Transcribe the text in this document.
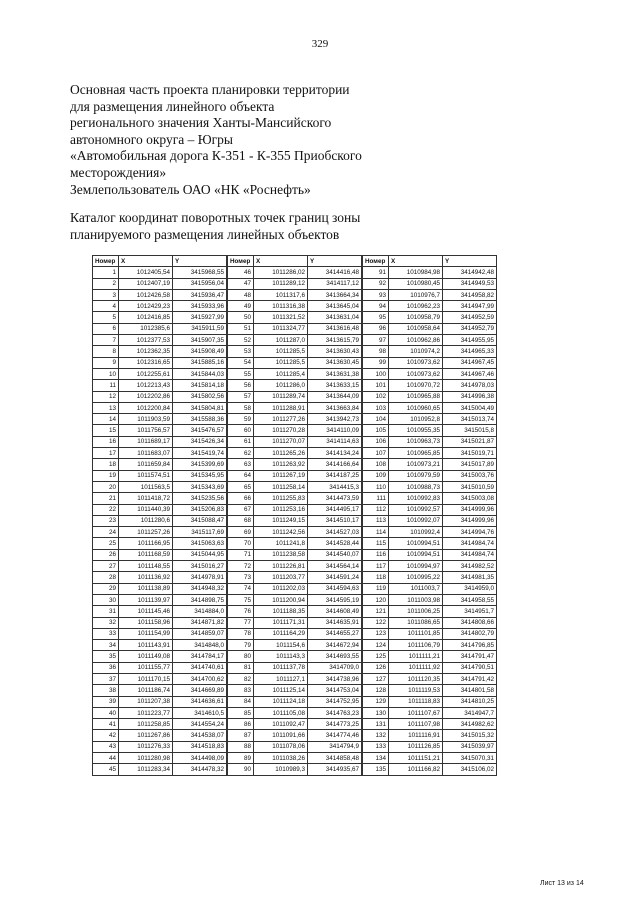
329
Основная часть проекта планировки территории
для размещения линейного объекта
регионального значения Ханты-Мансийского
автономного округа – Югры
«Автомобильная дорога К-351 - К-355 Приобского
месторождения»
Землепользователь ОАО «НК «Роснефть»
Каталог координат поворотных точек границ зоны
планируемого размещения линейных объектов
Номер	X	Y
1	1012405,54	3415968,55
2	1012407,19	3415956,04
3	1012426,58	3415936,47
4	1012429,23	3415933,96
5	1012416,85	3415927,99
6	1012385,6	3415911,59
7	1012377,53	3415907,35
8	1012362,35	3415908,49
9	1012316,65	3415885,16
10	1012255,61	3415844,03
11	1012213,43	3415814,18
12	1012202,86	3415802,56
13	1012200,84	3415804,81
14	1011903,59	3415588,36
15	1011756,57	3415476,57
16	1011689,17	3415426,34
17	1011683,07	3415419,74
18	1011659,84	3415399,69
19	1011574,51	3415345,95
20	1011563,5	3415343,69
21	1011418,72	3415235,56
22	1011440,39	3415206,83
23	1011280,6	3415088,47
24	1011257,26	3415117,69
25	1011166,95	3415063,63
26	1011168,59	3415044,95
27	1011148,55	3415016,27
28	1011136,92	3414978,91
29	1011138,89	3414948,32
30	1011139,97	3414898,75
31	1011145,46	3414884,0
32	1011158,96	3414871,82
33	1011154,99	3414859,07
34	1011143,91	3414848,0
35	1011149,08	3414784,17
36	1011155,77	3414740,61
37	1011170,15	3414700,62
38	1011186,74	3414669,89
39	1011207,38	3414636,61
40	1011223,77	3414610,5
41	1011258,85	3414554,24
42	1011267,86	3414538,07
43	1011276,33	3414518,83
44	1011280,98	3414498,09
45	1011283,34	3414478,32
Номер	X	Y
46	1011286,02	3414416,48
47	1011289,12	3414117,12
48	1011317,6	3413664,34
49	1011316,38	3413645,04
50	1011321,52	3413631,04
51	1011324,77	3413616,48
52	1011287,0	3413615,79
53	1011285,5	3413630,43
54	1011285,5	3413630,45
55	1011285,4	3413631,38
56	1011286,0	3413633,15
57	1011289,74	3413644,09
58	1011288,91	3413663,84
59	1011277,26	3413942,73
60	1011270,28	3414110,09
61	1011270,07	3414114,63
62	1011265,26	3414134,24
63	1011263,92	3414166,64
64	1011267,19	3414187,25
65	1011258,14	3414415,3
66	1011255,83	3414473,59
67	1011253,16	3414495,17
68	1011249,15	3414510,17
69	1011242,56	3414527,03
70	1011241,8	3414528,44
71	1011238,58	3414540,07
72	1011226,81	3414564,14
73	1011203,77	3414591,24
74	1011202,03	3414594,63
75	1011200,94	3414595,19
76	1011188,35	3414608,49
77	1011171,31	3414635,91
78	1011164,29	3414655,27
79	1011154,6	3414672,94
80	1011143,3	3414693,55
81	1011137,78	3414709,0
82	1011127,1	3414738,96
83	1011125,14	3414753,04
84	1011124,18	3414752,95
85	1011105,08	3414763,23
86	1011092,47	3414773,25
87	1011091,66	3414774,46
88	1011078,06	3414794,9
89	1011038,26	3414858,48
90	1010989,3	3414935,67
Номер	X	Y
91	1010984,98	3414942,48
92	1010980,45	3414949,53
93	1010976,7	3414958,82
94	1010962,23	3414947,99
95	1010958,79	3414952,59
96	1010958,64	3414952,79
97	1010962,86	3414955,95
98	1010974,2	3414965,33
99	1010973,62	3414967,45
100	1010973,62	3414967,46
101	1010970,72	3414978,03
102	1010965,88	3414996,38
103	1010960,65	3415004,49
104	1010952,8	3415013,74
105	1010955,35	3415015,8
106	1010963,73	3415021,87
107	1010965,85	3415019,71
108	1010973,21	3415017,89
109	1010979,59	3415003,76
110	1010988,73	3415010,59
111	1010992,83	3415003,08
112	1010992,57	3414999,96
113	1010992,07	3414999,96
114	1010992,4	3414994,76
115	1010994,51	3414984,74
116	1010994,51	3414984,74
117	1010994,97	3414982,52
118	1010995,22	3414981,35
119	1011003,7	3414959,0
120	1011003,98	3414958,55
121	1011006,25	3414951,7
122	1011086,65	3414808,66
123	1011101,85	3414802,79
124	1011106,79	3414796,85
125	1011111,21	3414791,47
126	1011111,92	3414790,51
127	1011120,35	3414791,42
128	1011119,53	3414801,58
129	1011118,83	3414810,25
130	1011107,67	3414947,7
131	1011107,98	3414982,62
132	1011116,91	3415015,32
133	1011126,85	3415039,97
134	1011151,21	3415070,31
135	1011166,82	3415106,02
Лист 13 из 14
